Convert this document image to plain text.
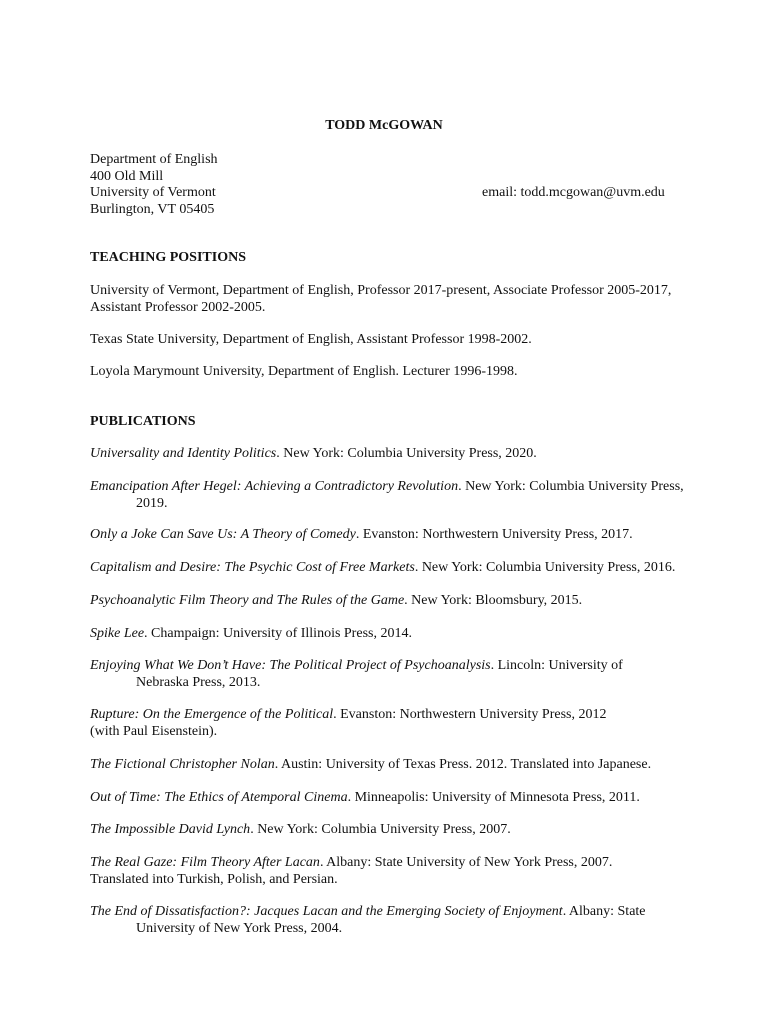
TODD McGOWAN
Department of English
400 Old Mill
University of Vermont
Burlington, VT 05405
email: todd.mcgowan@uvm.edu
TEACHING POSITIONS
University of Vermont, Department of English, Professor 2017-present, Associate Professor 2005-2017, Assistant Professor 2002-2005.
Texas State University, Department of English, Assistant Professor 1998-2002.
Loyola Marymount University, Department of English. Lecturer 1996-1998.
PUBLICATIONS
Universality and Identity Politics. New York: Columbia University Press, 2020.
Emancipation After Hegel: Achieving a Contradictory Revolution. New York: Columbia University Press, 2019.
Only a Joke Can Save Us: A Theory of Comedy. Evanston: Northwestern University Press, 2017.
Capitalism and Desire: The Psychic Cost of Free Markets. New York: Columbia University Press, 2016.
Psychoanalytic Film Theory and The Rules of the Game. New York: Bloomsbury, 2015.
Spike Lee. Champaign: University of Illinois Press, 2014.
Enjoying What We Don’t Have: The Political Project of Psychoanalysis. Lincoln: University of Nebraska Press, 2013.
Rupture: On the Emergence of the Political. Evanston: Northwestern University Press, 2012
(with Paul Eisenstein).
The Fictional Christopher Nolan. Austin: University of Texas Press. 2012. Translated into Japanese.
Out of Time: The Ethics of Atemporal Cinema. Minneapolis: University of Minnesota Press, 2011.
The Impossible David Lynch. New York: Columbia University Press, 2007.
The Real Gaze: Film Theory After Lacan. Albany: State University of New York Press, 2007.
Translated into Turkish, Polish, and Persian.
The End of Dissatisfaction?: Jacques Lacan and the Emerging Society of Enjoyment. Albany: State University of New York Press, 2004.
